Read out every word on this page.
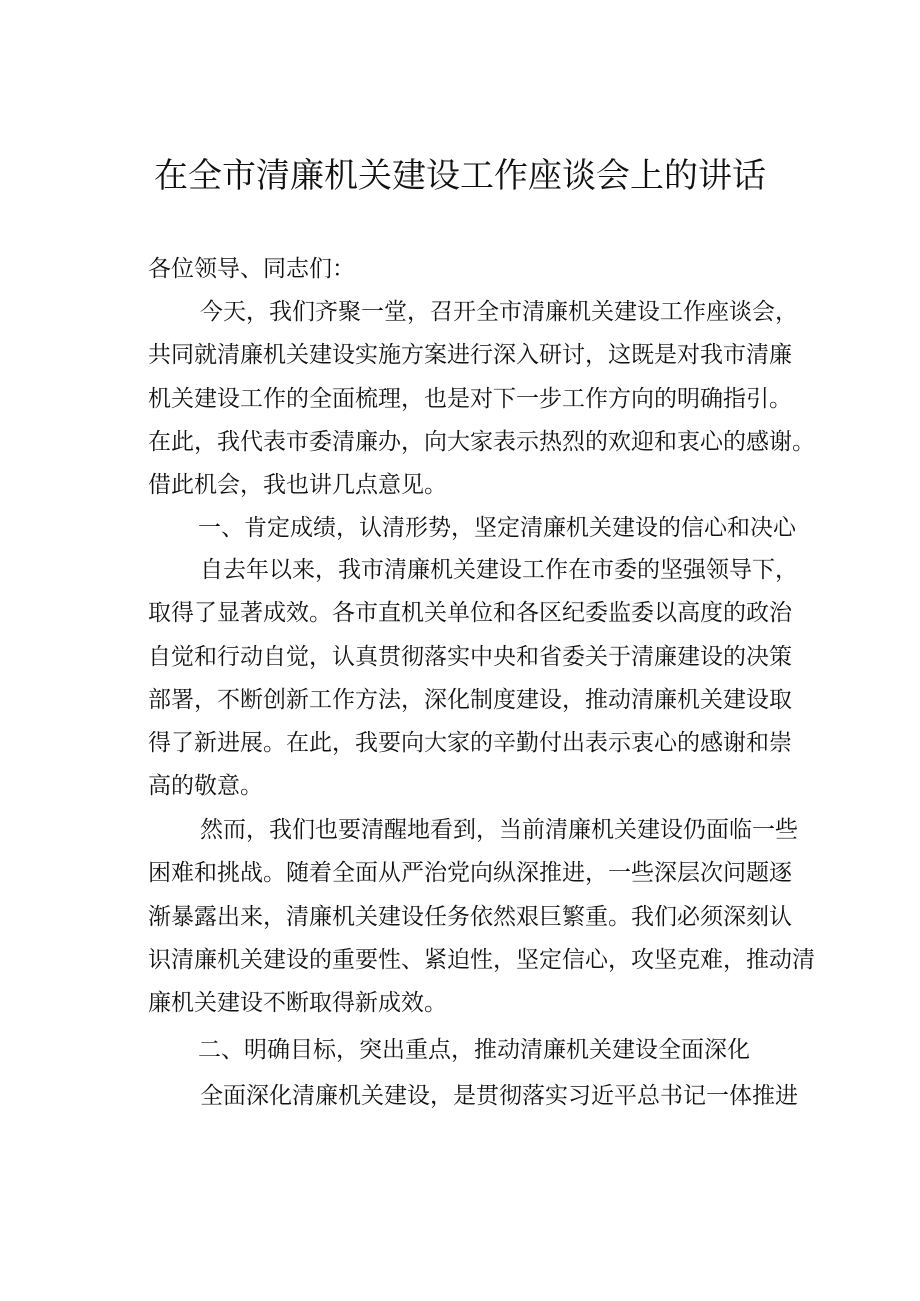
在全市清廉机关建设工作座谈会上的讲话
各位领导、同志们：
今天，我们齐聚一堂，召开全市清廉机关建设工作座谈会，
共同就清廉机关建设实施方案进行深入研讨，这既是对我市清廉
机关建设工作的全面梳理，也是对下一步工作方向的明确指引。
在此，我代表市委清廉办，向大家表示热烈的欢迎和衷心的感谢。
借此机会，我也讲几点意见。
一、肯定成绩，认清形势，坚定清廉机关建设的信心和决心
自去年以来，我市清廉机关建设工作在市委的坚强领导下，
取得了显著成效。各市直机关单位和各区纪委监委以高度的政治
自觉和行动自觉，认真贯彻落实中央和省委关于清廉建设的决策
部署，不断创新工作方法，深化制度建设，推动清廉机关建设取
得了新进展。在此，我要向大家的辛勤付出表示衷心的感谢和崇
高的敬意。
然而，我们也要清醒地看到，当前清廉机关建设仍面临一些
困难和挑战。随着全面从严治党向纵深推进，一些深层次问题逐
渐暴露出来，清廉机关建设任务依然艰巨繁重。我们必须深刻认
识清廉机关建设的重要性、紧迫性，坚定信心，攻坚克难，推动清
廉机关建设不断取得新成效。
二、明确目标，突出重点，推动清廉机关建设全面深化
全面深化清廉机关建设，是贯彻落实习近平总书记一体推进
